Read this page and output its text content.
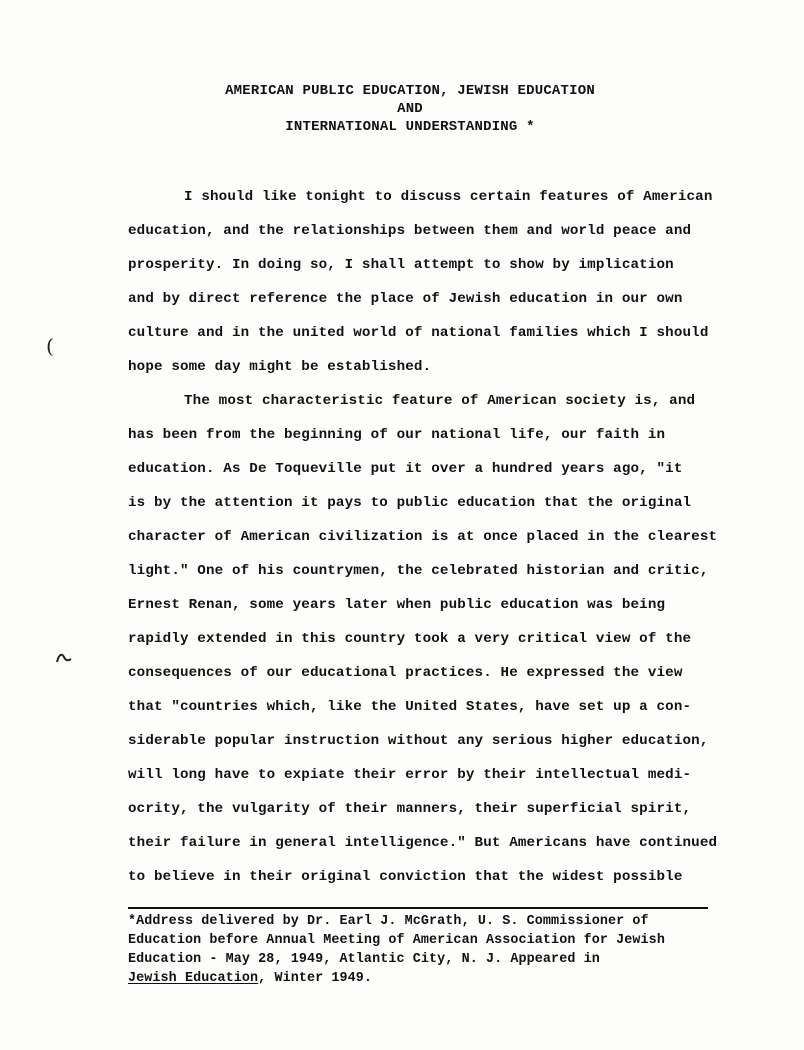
AMERICAN PUBLIC EDUCATION, JEWISH EDUCATION
AND
INTERNATIONAL UNDERSTANDING *
I should like tonight to discuss certain features of American
education, and the relationships between them and world peace and
prosperity. In doing so, I shall attempt to show by implication
and by direct reference the place of Jewish education in our own
culture and in the united world of national families which I should
hope some day might be established.
The most characteristic feature of American society is, and
has been from the beginning of our national life, our faith in
education. As De Toqueville put it over a hundred years ago, "it
is by the attention it pays to public education that the original
character of American civilization is at once placed in the clearest
light." One of his countrymen, the celebrated historian and critic,
Ernest Renan, some years later when public education was being
rapidly extended in this country took a very critical view of the
consequences of our educational practices. He expressed the view
that "countries which, like the United States, have set up a con-
siderable popular instruction without any serious higher education,
will long have to expiate their error by their intellectual medi-
ocrity, the vulgarity of their manners, their superficial spirit,
their failure in general intelligence." But Americans have continued
to believe in their original conviction that the widest possible
*Address delivered by Dr. Earl J. McGrath, U. S. Commissioner of
Education before Annual Meeting of American Association for Jewish
Education - May 28, 1949, Atlantic City, N. J. Appeared in
Jewish Education, Winter 1949.
(
